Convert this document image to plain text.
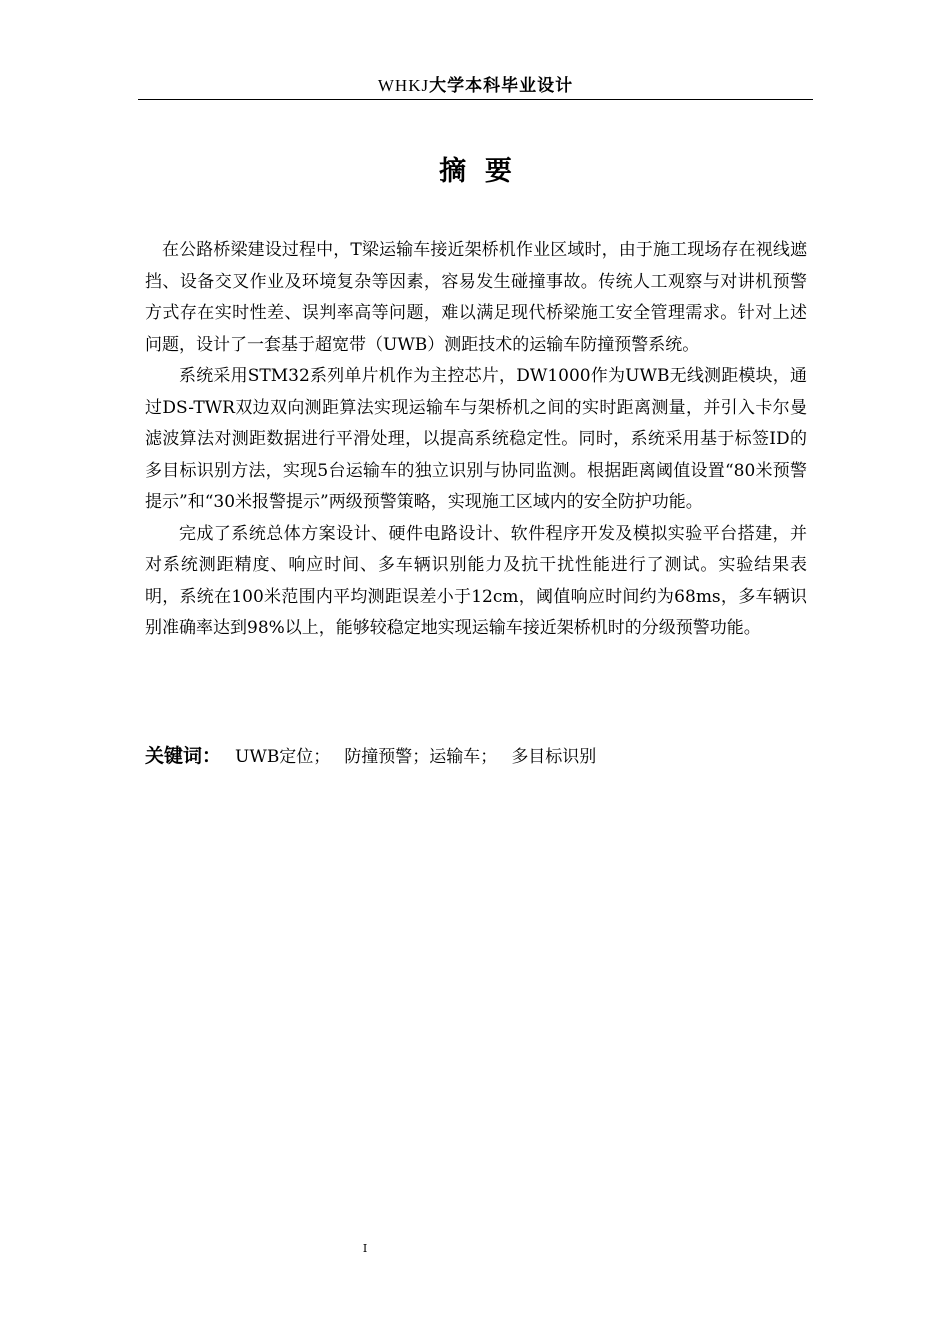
WHKJ大学本科毕业设计
摘  要

在公路桥梁建设过程中，T梁运输车接近架桥机作业区域时，由于施工现场存在视线遮挡、设备交叉作业及环境复杂等因素，容易发生碰撞事故。传统人工观察与对讲机预警方式存在实时性差、误判率高等问题，难以满足现代桥梁施工安全管理需求。针对上述问题，设计了一套基于超宽带（UWB）测距技术的运输车防撞预警系统。

系统采用STM32系列单片机作为主控芯片，DW1000作为UWB无线测距模块，通过DS-TWR双边双向测距算法实现运输车与架桥机之间的实时距离测量，并引入卡尔曼滤波算法对测距数据进行平滑处理，以提高系统稳定性。同时，系统采用基于标签ID的多目标识别方法，实现5台运输车的独立识别与协同监测。根据距离阈值设置“80米预警提示”和“30米报警提示”两级预警策略，实现施工区域内的安全防护功能。

完成了系统总体方案设计、硬件电路设计、软件程序开发及模拟实验平台搭建，并对系统测距精度、响应时间、多车辆识别能力及抗干扰性能进行了测试。实验结果表明，系统在100米范围内平均测距误差小于12cm，阈值响应时间约为68ms，多车辆识别准确率达到98%以上，能够较稳定地实现运输车接近架桥机时的分级预警功能。

关键词： UWB定位； 防撞预警；运输车； 多目标识别
I
